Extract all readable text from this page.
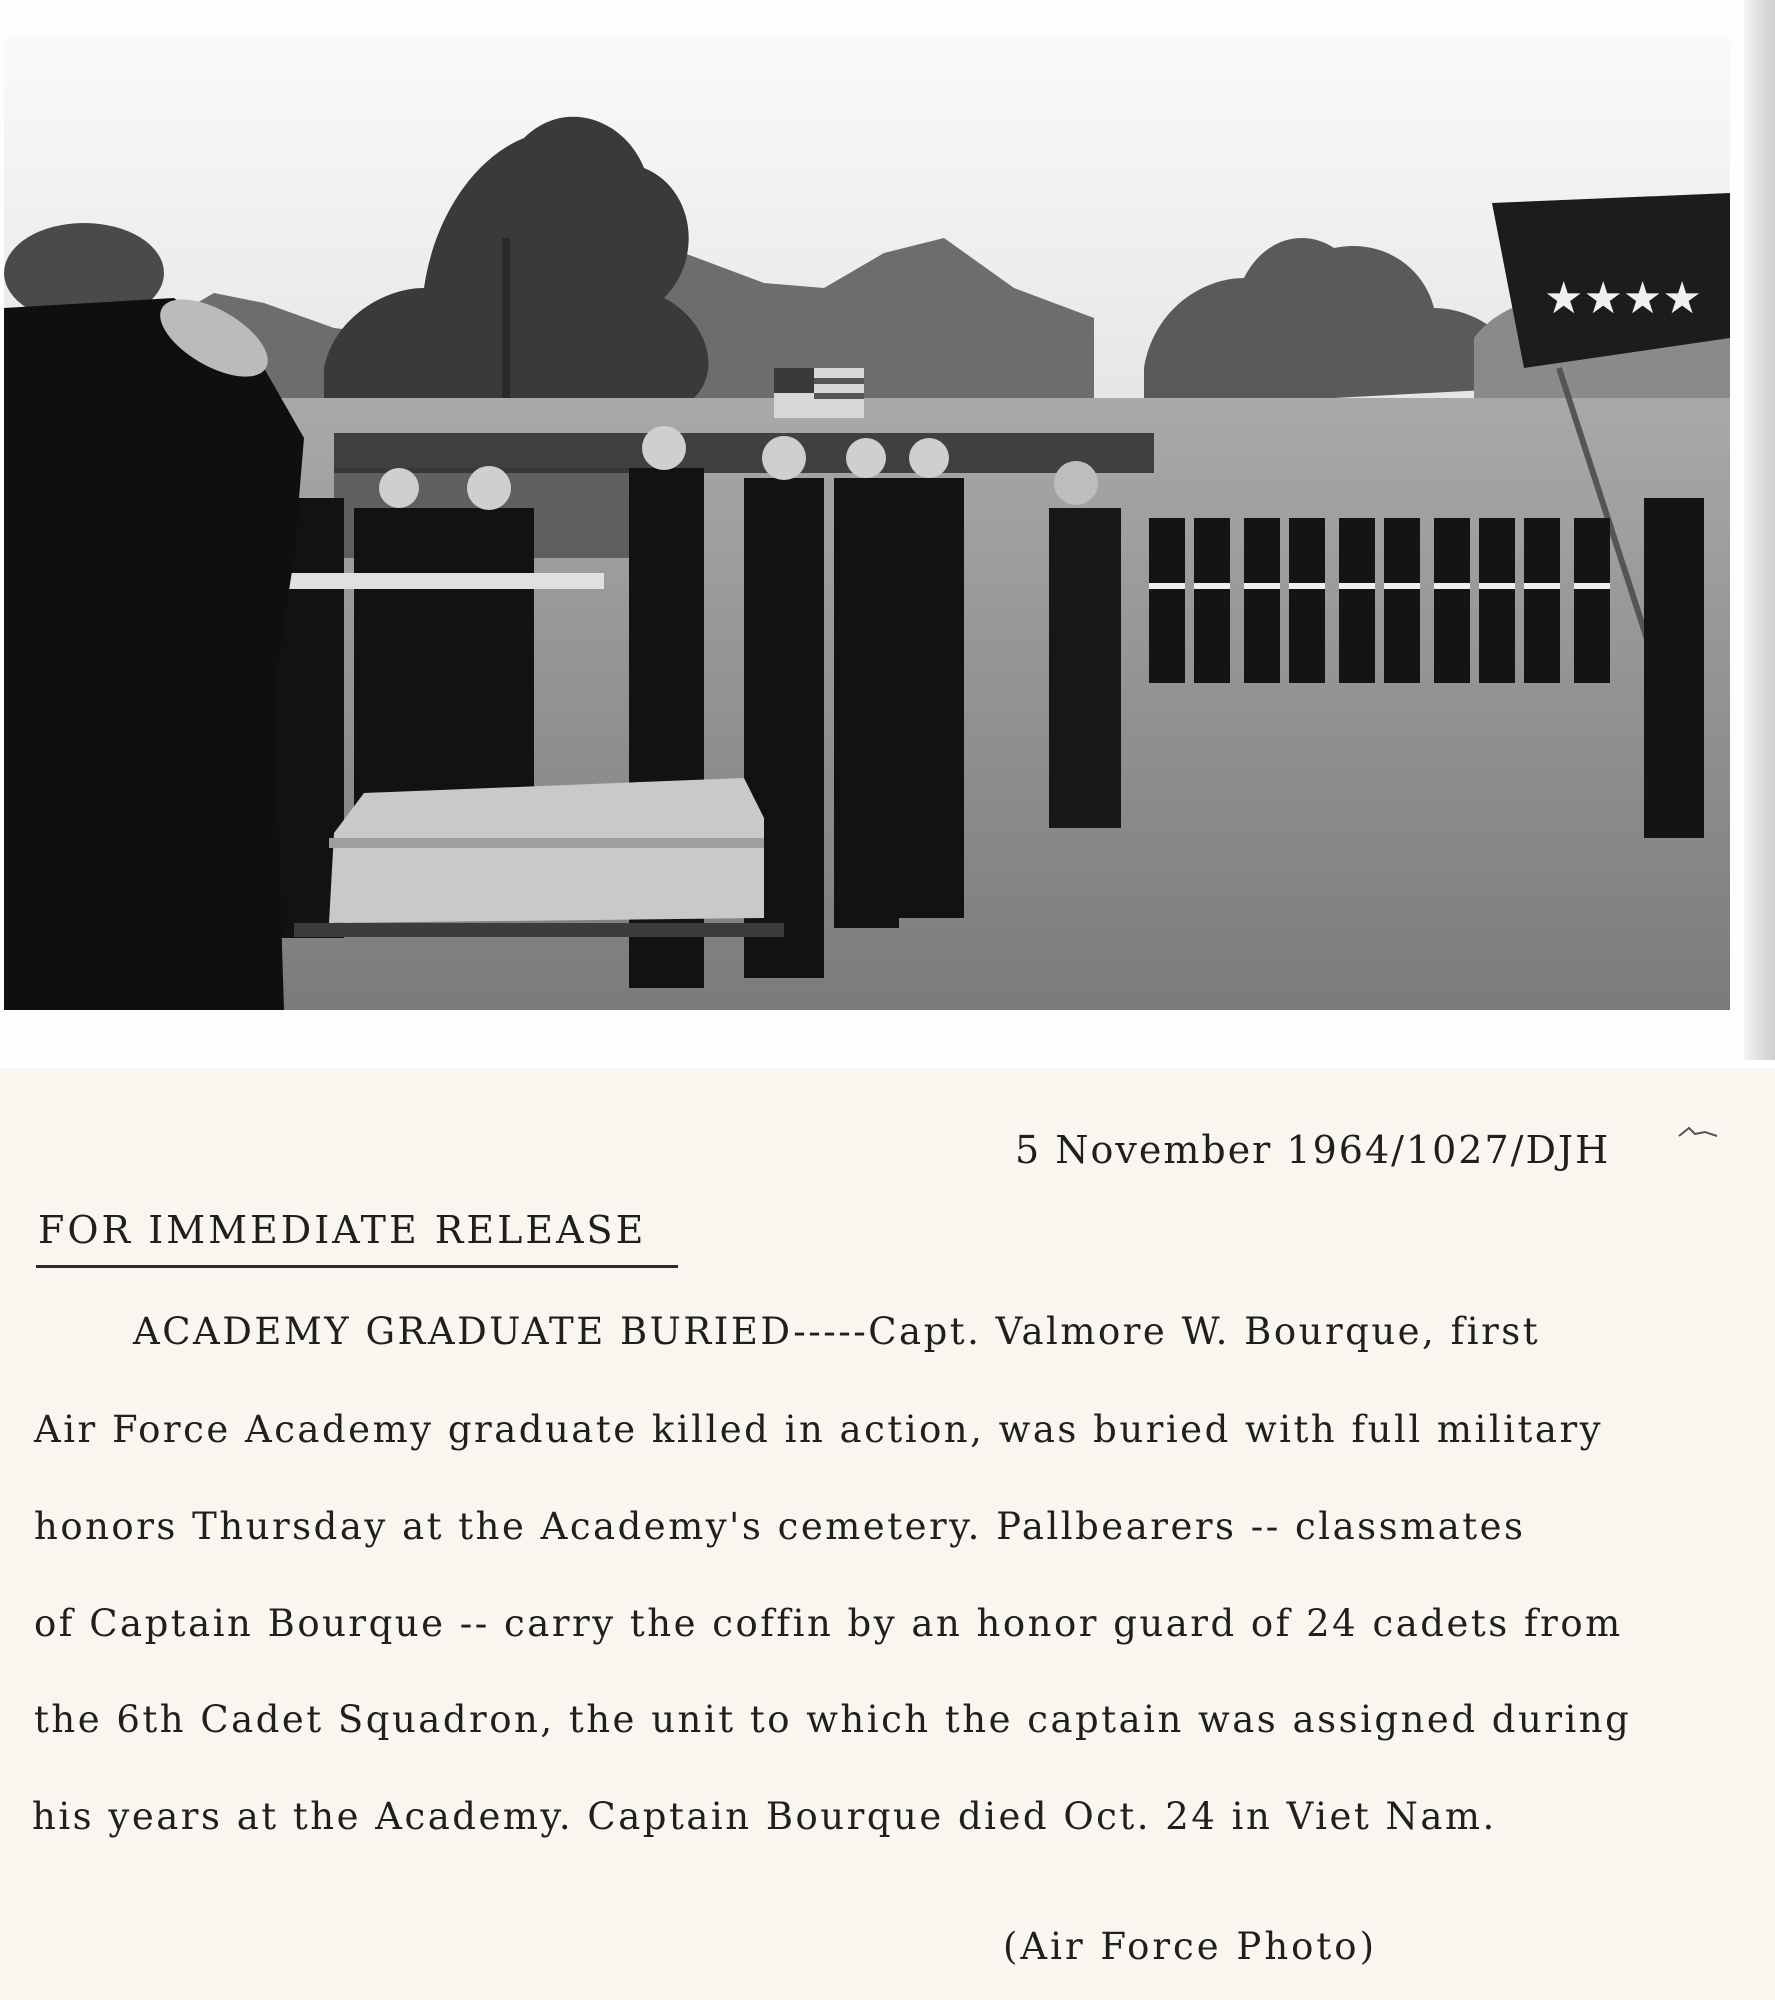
★★★★
5 November 1964/1027/DJH
FOR IMMEDIATE RELEASE
ACADEMY GRADUATE BURIED-----Capt. Valmore W. Bourque, first
Air Force Academy graduate killed in action, was buried with full military
honors Thursday at the Academy's cemetery. Pallbearers -- classmates
of Captain Bourque -- carry the coffin by an honor guard of 24 cadets from
the 6th Cadet Squadron, the unit to which the captain was assigned during
his years at the Academy. Captain Bourque died Oct. 24 in Viet Nam.
(Air Force Photo)
